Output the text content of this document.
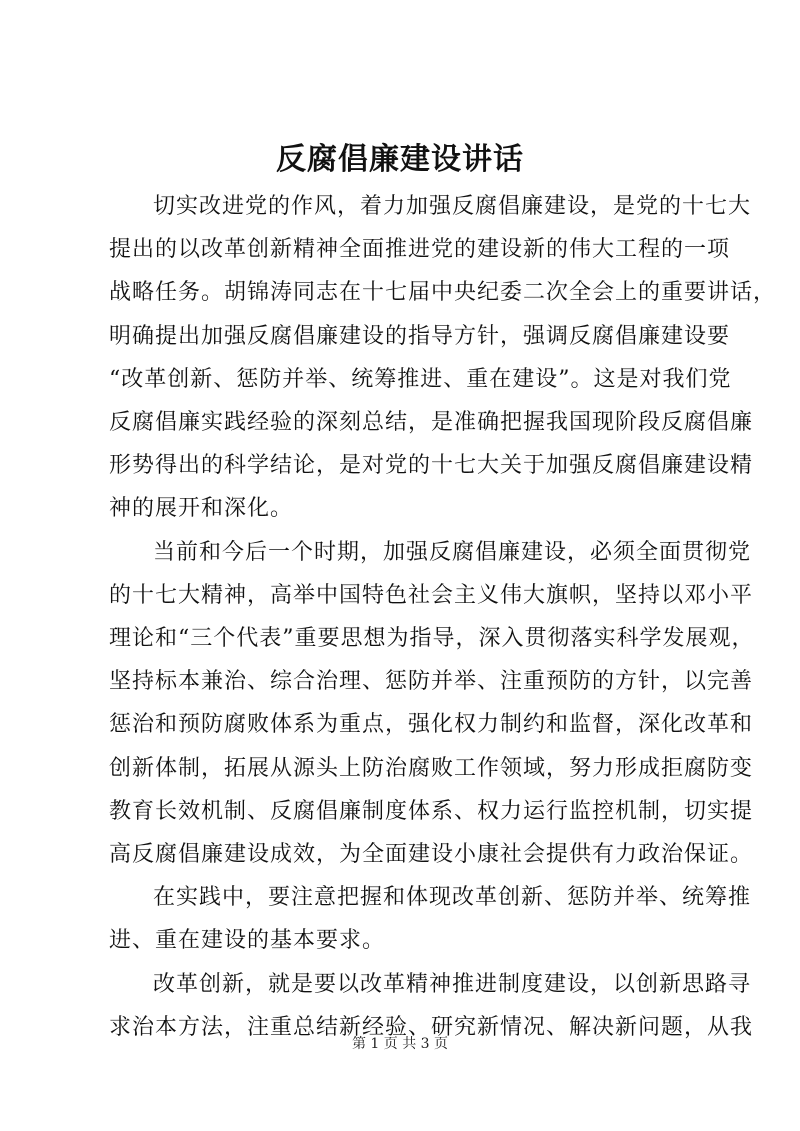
反腐倡廉建设讲话
切实改进党的作风，着力加强反腐倡廉建设，是党的十七大
提出的以改革创新精神全面推进党的建设新的伟大工程的一项
战略任务。胡锦涛同志在十七届中央纪委二次全会上的重要讲话，
明确提出加强反腐倡廉建设的指导方针，强调反腐倡廉建设要
“改革创新、惩防并举、统筹推进、重在建设”。这是对我们党
反腐倡廉实践经验的深刻总结，是准确把握我国现阶段反腐倡廉
形势得出的科学结论，是对党的十七大关于加强反腐倡廉建设精
神的展开和深化。
当前和今后一个时期，加强反腐倡廉建设，必须全面贯彻党
的十七大精神，高举中国特色社会主义伟大旗帜，坚持以邓小平
理论和“三个代表”重要思想为指导，深入贯彻落实科学发展观，
坚持标本兼治、综合治理、惩防并举、注重预防的方针，以完善
惩治和预防腐败体系为重点，强化权力制约和监督，深化改革和
创新体制，拓展从源头上防治腐败工作领域，努力形成拒腐防变
教育长效机制、反腐倡廉制度体系、权力运行监控机制，切实提
高反腐倡廉建设成效，为全面建设小康社会提供有力政治保证。
在实践中，要注意把握和体现改革创新、惩防并举、统筹推
进、重在建设的基本要求。
改革创新，就是要以改革精神推进制度建设，以创新思路寻
求治本方法，注重总结新经验、研究新情况、解决新问题，从我
第 1 页 共 3 页
